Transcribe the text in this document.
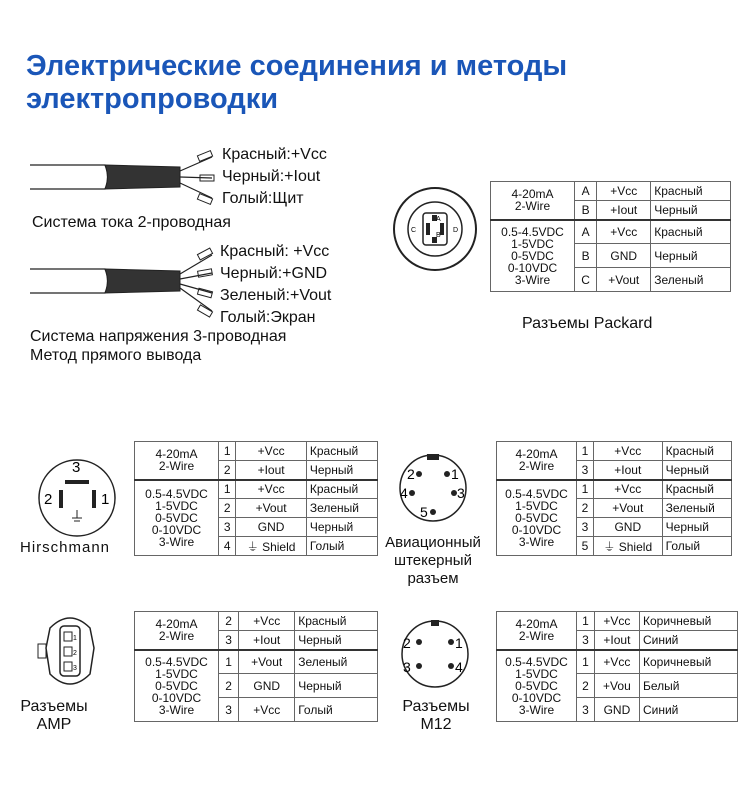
Электрические соединения и методы
электропроводки
Красный:+Vcc
Черный:+Iout
Голый:Щит
Система тока 2-проводная
Красный: +Vcc
Черный:+GND
Зеленый:+Vout
Голый:Экран
Система напряжения 3-проводная
Метод прямого вывода
A
B
C	D
Разъемы Packard
4-20mA
2-Wire	A	+Vcc	Красный
	B	+Iout	Черный
0.5-4.5VDC
1-5VDC
0-5VDC
0-10VDC
3-Wire	A	+Vcc	Красный
	B	GND	Черный
	C	+Vout	Зеленый
3
2	1
Hirschmann
4-20mA
2-Wire	1	+Vcc	Красный
	2	+Iout	Черный
0.5-4.5VDC
1-5VDC
0-5VDC
0-10VDC
3-Wire	1	+Vcc	Красный
	2	+Vout	Зеленый
	3	GND	Черный
	4	⏚ Shield	Голый
2	1
4	3
5
Авиационный
штекерный
разъем
4-20mA
2-Wire	1	+Vcc	Красный
	3	+Iout	Черный
0.5-4.5VDC
1-5VDC
0-5VDC
0-10VDC
3-Wire	1	+Vcc	Красный
	2	+Vout	Зеленый
	3	GND	Черный
	5	⏚ Shield	Голый
1
2
3
Разъемы
AMP
4-20mA
2-Wire	2	+Vcc	Красный
	3	+Iout	Черный
0.5-4.5VDC
1-5VDC
0-5VDC
0-10VDC
3-Wire	1	+Vout	Зеленый
	2	GND	Черный
	3	+Vcc	Голый
2	1
3	4
Разъемы
M12
4-20mA
2-Wire	1	+Vcc	Коричневый
	3	+Iout	Синий
0.5-4.5VDC
1-5VDC
0-5VDC
0-10VDC
3-Wire	1	+Vcc	Коричневый
	2	+Vou	Белый
	3	GND	Синий
